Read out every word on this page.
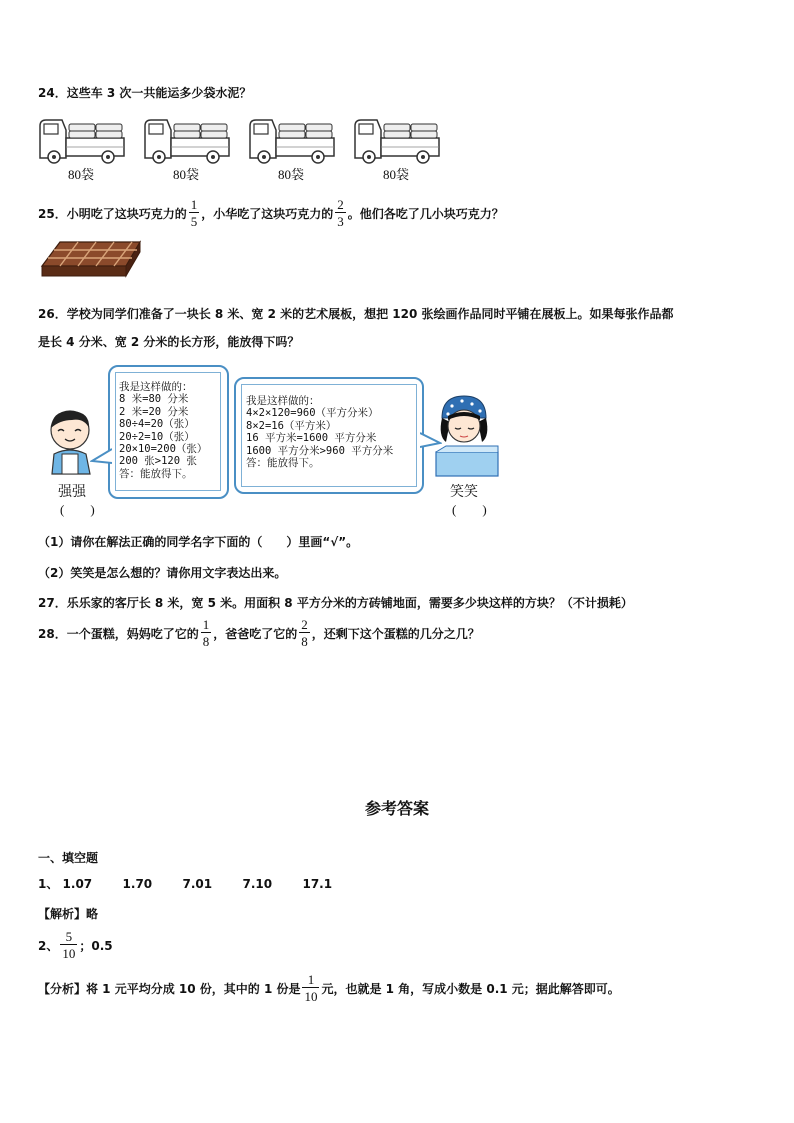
24．这些车 3 次一共能运多少袋水泥？
80袋	80袋	80袋	80袋
25． 小明吃了这块巧克力的 $\frac{1}{5}$ ，小华吃了这块巧克力的 $\frac{2}{3}$ 。他们各吃了几小块巧克力？
26．学校为同学们准备了一块长 8 米、宽 2 米的艺术展板，想把 120 张绘画作品同时平铺在展板上。如果每张作品都
是长 4 分米、宽 2 分米的长方形，能放得下吗？
强强
(　　)
我是这样做的：
8 米=80 分米
2 米=20 分米
80÷4=20（张）
20÷2=10（张）
20×10=200（张）
200 张>120 张
答：能放得下。
我是这样做的：
4×2×120=960（平方分米）
8×2=16（平方米）
16 平方米=1600 平方分米
1600 平方分米>960 平方分米
答：能放得下。
笑笑
(　　)
（1）请你在解法正确的同学名字下面的（　　）里画“√”。
（2）笑笑是怎么想的？请你用文字表达出来。
27．乐乐家的客厅长 8 米，宽 5 米。用面积 8 平方分米的方砖铺地面，需要多少块这样的方块？（不计损耗）
28． 一个蛋糕，妈妈吃了它的 $\frac{1}{8}$ ，爸爸吃了它的 $\frac{2}{8}$ ，还剩下这个蛋糕的几分之几？
参考答案
一、填空题
1、 1.07	1.70	7.01	7.10	17.1
【解析】略
2、 $\frac{5}{10}$ ；0.5
【分析】将 1 元平均分成 10 份，其中的 1 份是 $\frac{1}{10}$ 元，也就是 1 角，写成小数是 0.1 元；据此解答即可。
